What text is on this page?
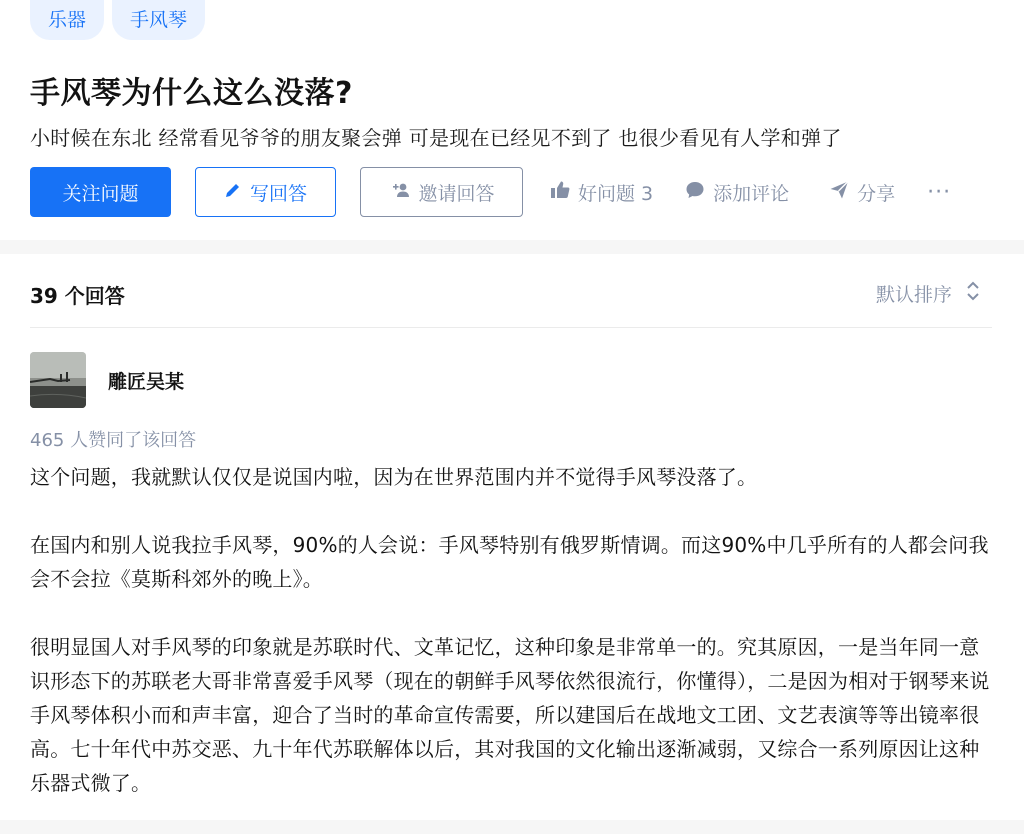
乐器	手风琴
手风琴为什么这么没落?
小时候在东北 经常看见爷爷的朋友聚会弹 可是现在已经见不到了 也很少看见有人学和弹了
关注问题	写回答	邀请回答	好问题 3	添加评论	分享 ···
39 个回答	默认排序
雕匠吴某
465 人赞同了该回答

这个问题，我就默认仅仅是说国内啦，因为在世界范围内并不觉得手风琴没落了。

在国内和别人说我拉手风琴，90%的人会说：手风琴特别有俄罗斯情调。而这90%中几乎所有的人都会问我会不会拉《莫斯科郊外的晚上》。

很明显国人对手风琴的印象就是苏联时代、文革记忆，这种印象是非常单一的。究其原因，一是当年同一意识形态下的苏联老大哥非常喜爱手风琴（现在的朝鲜手风琴依然很流行，你懂得），二是因为相对于钢琴来说手风琴体积小而和声丰富，迎合了当时的革命宣传需要，所以建国后在战地文工团、文艺表演等等出镜率很高。七十年代中苏交恶、九十年代苏联解体以后，其对我国的文化输出逐渐减弱，又综合一系列原因让这种乐器式微了。
